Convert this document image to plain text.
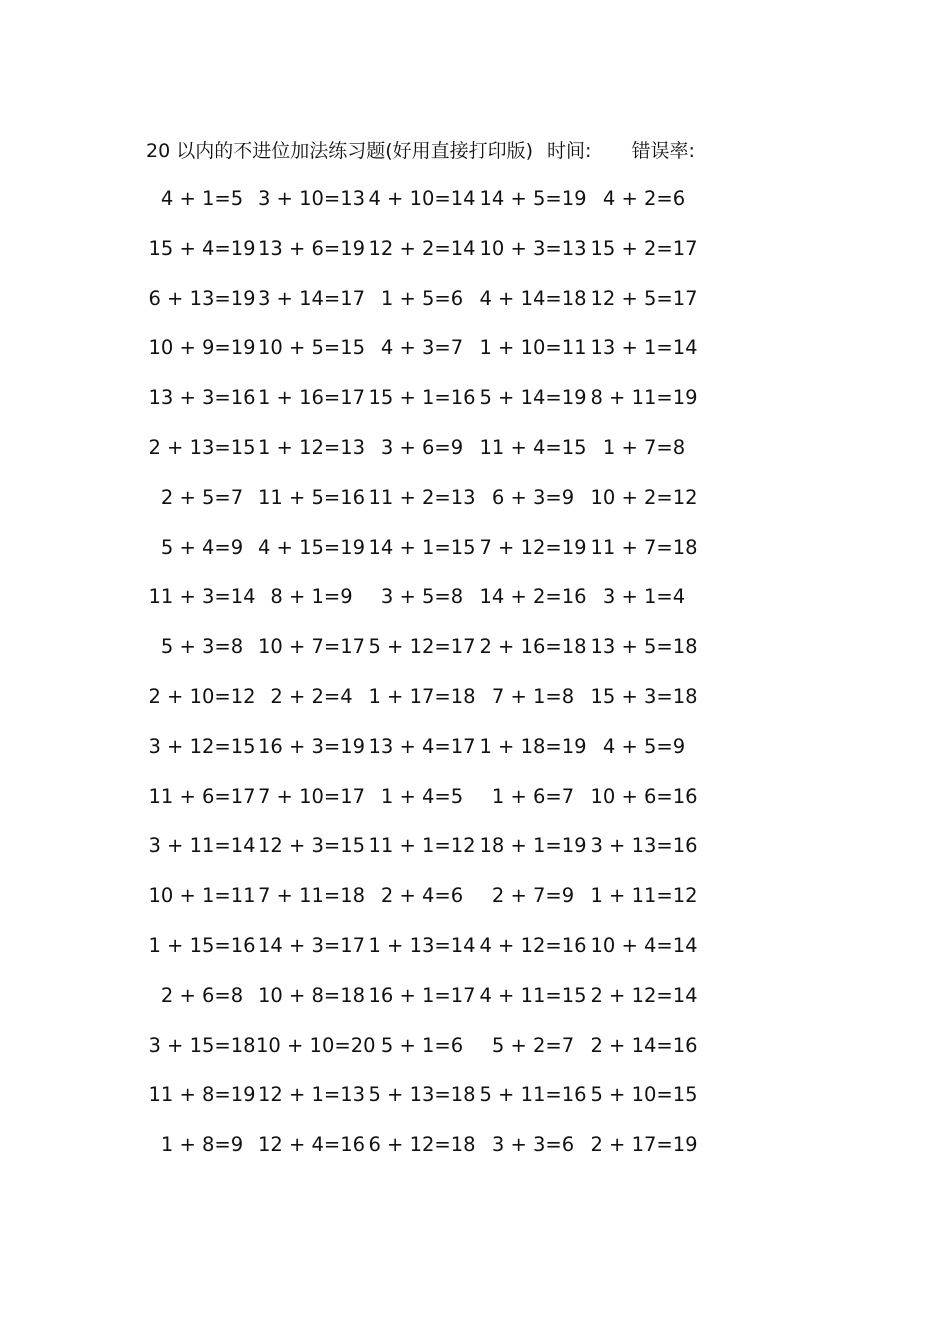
20 以内的不进位加法练习题(好用直接打印版) 时间: 错误率:
4 + 1=5 3 + 10=13 4 + 10=14 14 + 5=19 4 + 2=6
15 + 4=19 13 + 6=19 12 + 2=14 10 + 3=13 15 + 2=17
6 + 13=19 3 + 14=17 1 + 5=6 4 + 14=18 12 + 5=17
10 + 9=19 10 + 5=15 4 + 3=7 1 + 10=11 13 + 1=14
13 + 3=16 1 + 16=17 15 + 1=16 5 + 14=19 8 + 11=19
2 + 13=15 1 + 12=13 3 + 6=9 11 + 4=15 1 + 7=8
2 + 5=7 11 + 5=16 11 + 2=13 6 + 3=9 10 + 2=12
5 + 4=9 4 + 15=19 14 + 1=15 7 + 12=19 11 + 7=18
11 + 3=14 8 + 1=9	3 + 5=8 14 + 2=16 3 + 1=4
5 + 3=8 10 + 7=17 5 + 12=17 2 + 16=18 13 + 5=18
2 + 10=12 2 + 2=4 1 + 17=18 7 + 1=8 15 + 3=18
3 + 12=15 16 + 3=19 13 + 4=17 1 + 18=19 4 + 5=9
11 + 6=17 7 + 10=17 1 + 4=5	1 + 6=7 10 + 6=16
3 + 11=14 12 + 3=15 11 + 1=12 18 + 1=19 3 + 13=16
10 + 1=11 7 + 11=18 2 + 4=6	2 + 7=9 1 + 11=12
1 + 15=16 14 + 3=17 1 + 13=14 4 + 12=16 10 + 4=14
2 + 6=8 10 + 8=18 16 + 1=17 4 + 11=15 2 + 12=14
3 + 15=18 10 + 10=20 5 + 1=6	5 + 2=7 2 + 14=16
11 + 8=19 12 + 1=13 5 + 13=18 5 + 11=16 5 + 10=15
1 + 8=9 12 + 4=16 6 + 12=18 3 + 3=6 2 + 17=19
